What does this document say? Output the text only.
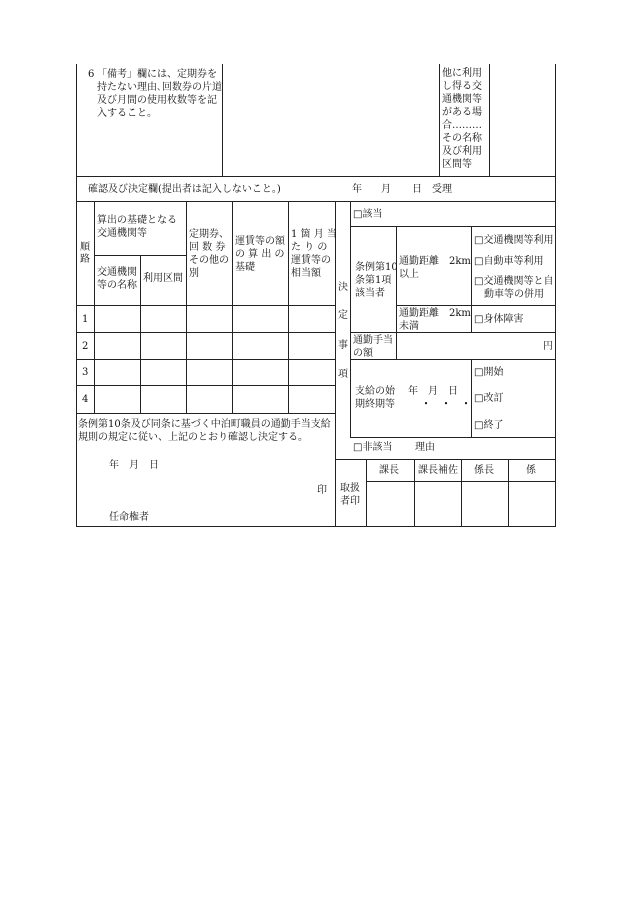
6 「備考」欄には、定期券を
持たない理由､回数券の片道
及び月間の使用枚数等を記
入すること。
他に利用
し得る交
通機関等
がある場
合………
その名称
及び利用
区間等
確認及び決定欄(提出者は記入しないこと。)	年 月 日 受理
順
路
算出の基礎となる
交通機関等
交通機関
等の名称
利用区間
定期券、
回 数 券
その他の
別
運賃等の額
の 算 出 の
基礎
1 箇 月 当
た り の
運賃等の
相当額
1
2
3
4
決
定
事
項
□該当
条例第10
条第1項
該当者
通勤距離　2km
以上
□交通機関等利用
□自動車等利用
□交通機関等と自
動車等の併用
通勤距離　2km
未満
□身体障害
通勤手当
の額
円
支給の始
期終期等
年　月　日
・　・　・
□開始
□改訂
□終了
□非該当 理由
条例第10条及び同条に基づく中泊町職員の通勤手当支給
規則の規定に従い、上記のとおり確認し決定する。
年　月　日
印
任命権者
取扱
者印
課長 課長補佐 係長	係
